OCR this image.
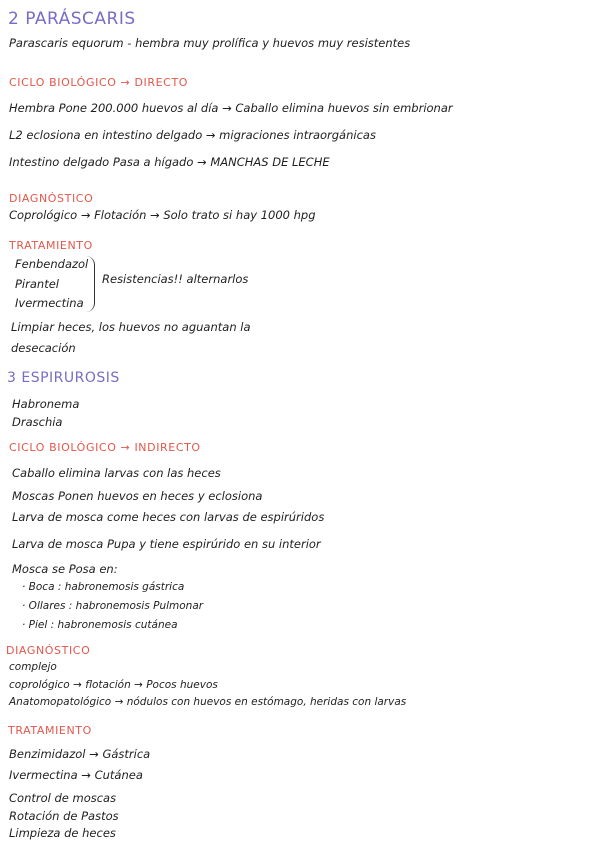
2 PARÁSCARIS
Parascaris equorum - hembra muy prolífica y huevos muy resistentes
CICLO BIOLÓGICO → DIRECTO
Hembra Pone 200.000 huevos al día → Caballo elimina huevos sin embrionar
L2 eclosiona en intestino delgado → migraciones intraorgánicas
Intestino delgado Pasa a hígado → MANCHAS DE LECHE
DIAGNÓSTICO
Coprológico → Flotación → Solo trato si hay 1000 hpg
TRATAMIENTO
Fenbendazol
Pirantel
Ivermectina
Resistencias!! alternarlos
Limpiar heces, los huevos no aguantan la
desecación
3 ESPIRUROSIS
Habronema
Draschia
CICLO BIOLÓGICO → INDIRECTO
Caballo elimina larvas con las heces
Moscas Ponen huevos en heces y eclosiona
Larva de mosca come heces con larvas de espirúridos
Larva de mosca Pupa y tiene espirúrido en su interior
Mosca se Posa en:
· Boca : habronemosis gástrica
· Ollares : habronemosis Pulmonar
· Piel : habronemosis cutánea
DIAGNÓSTICO
complejo
coprológico → flotación → Pocos huevos
Anatomopatológico → nódulos con huevos en estómago, heridas con larvas
TRATAMIENTO
Benzimidazol → Gástrica
Ivermectina → Cutánea
Control de moscas
Rotación de Pastos
Limpieza de heces
